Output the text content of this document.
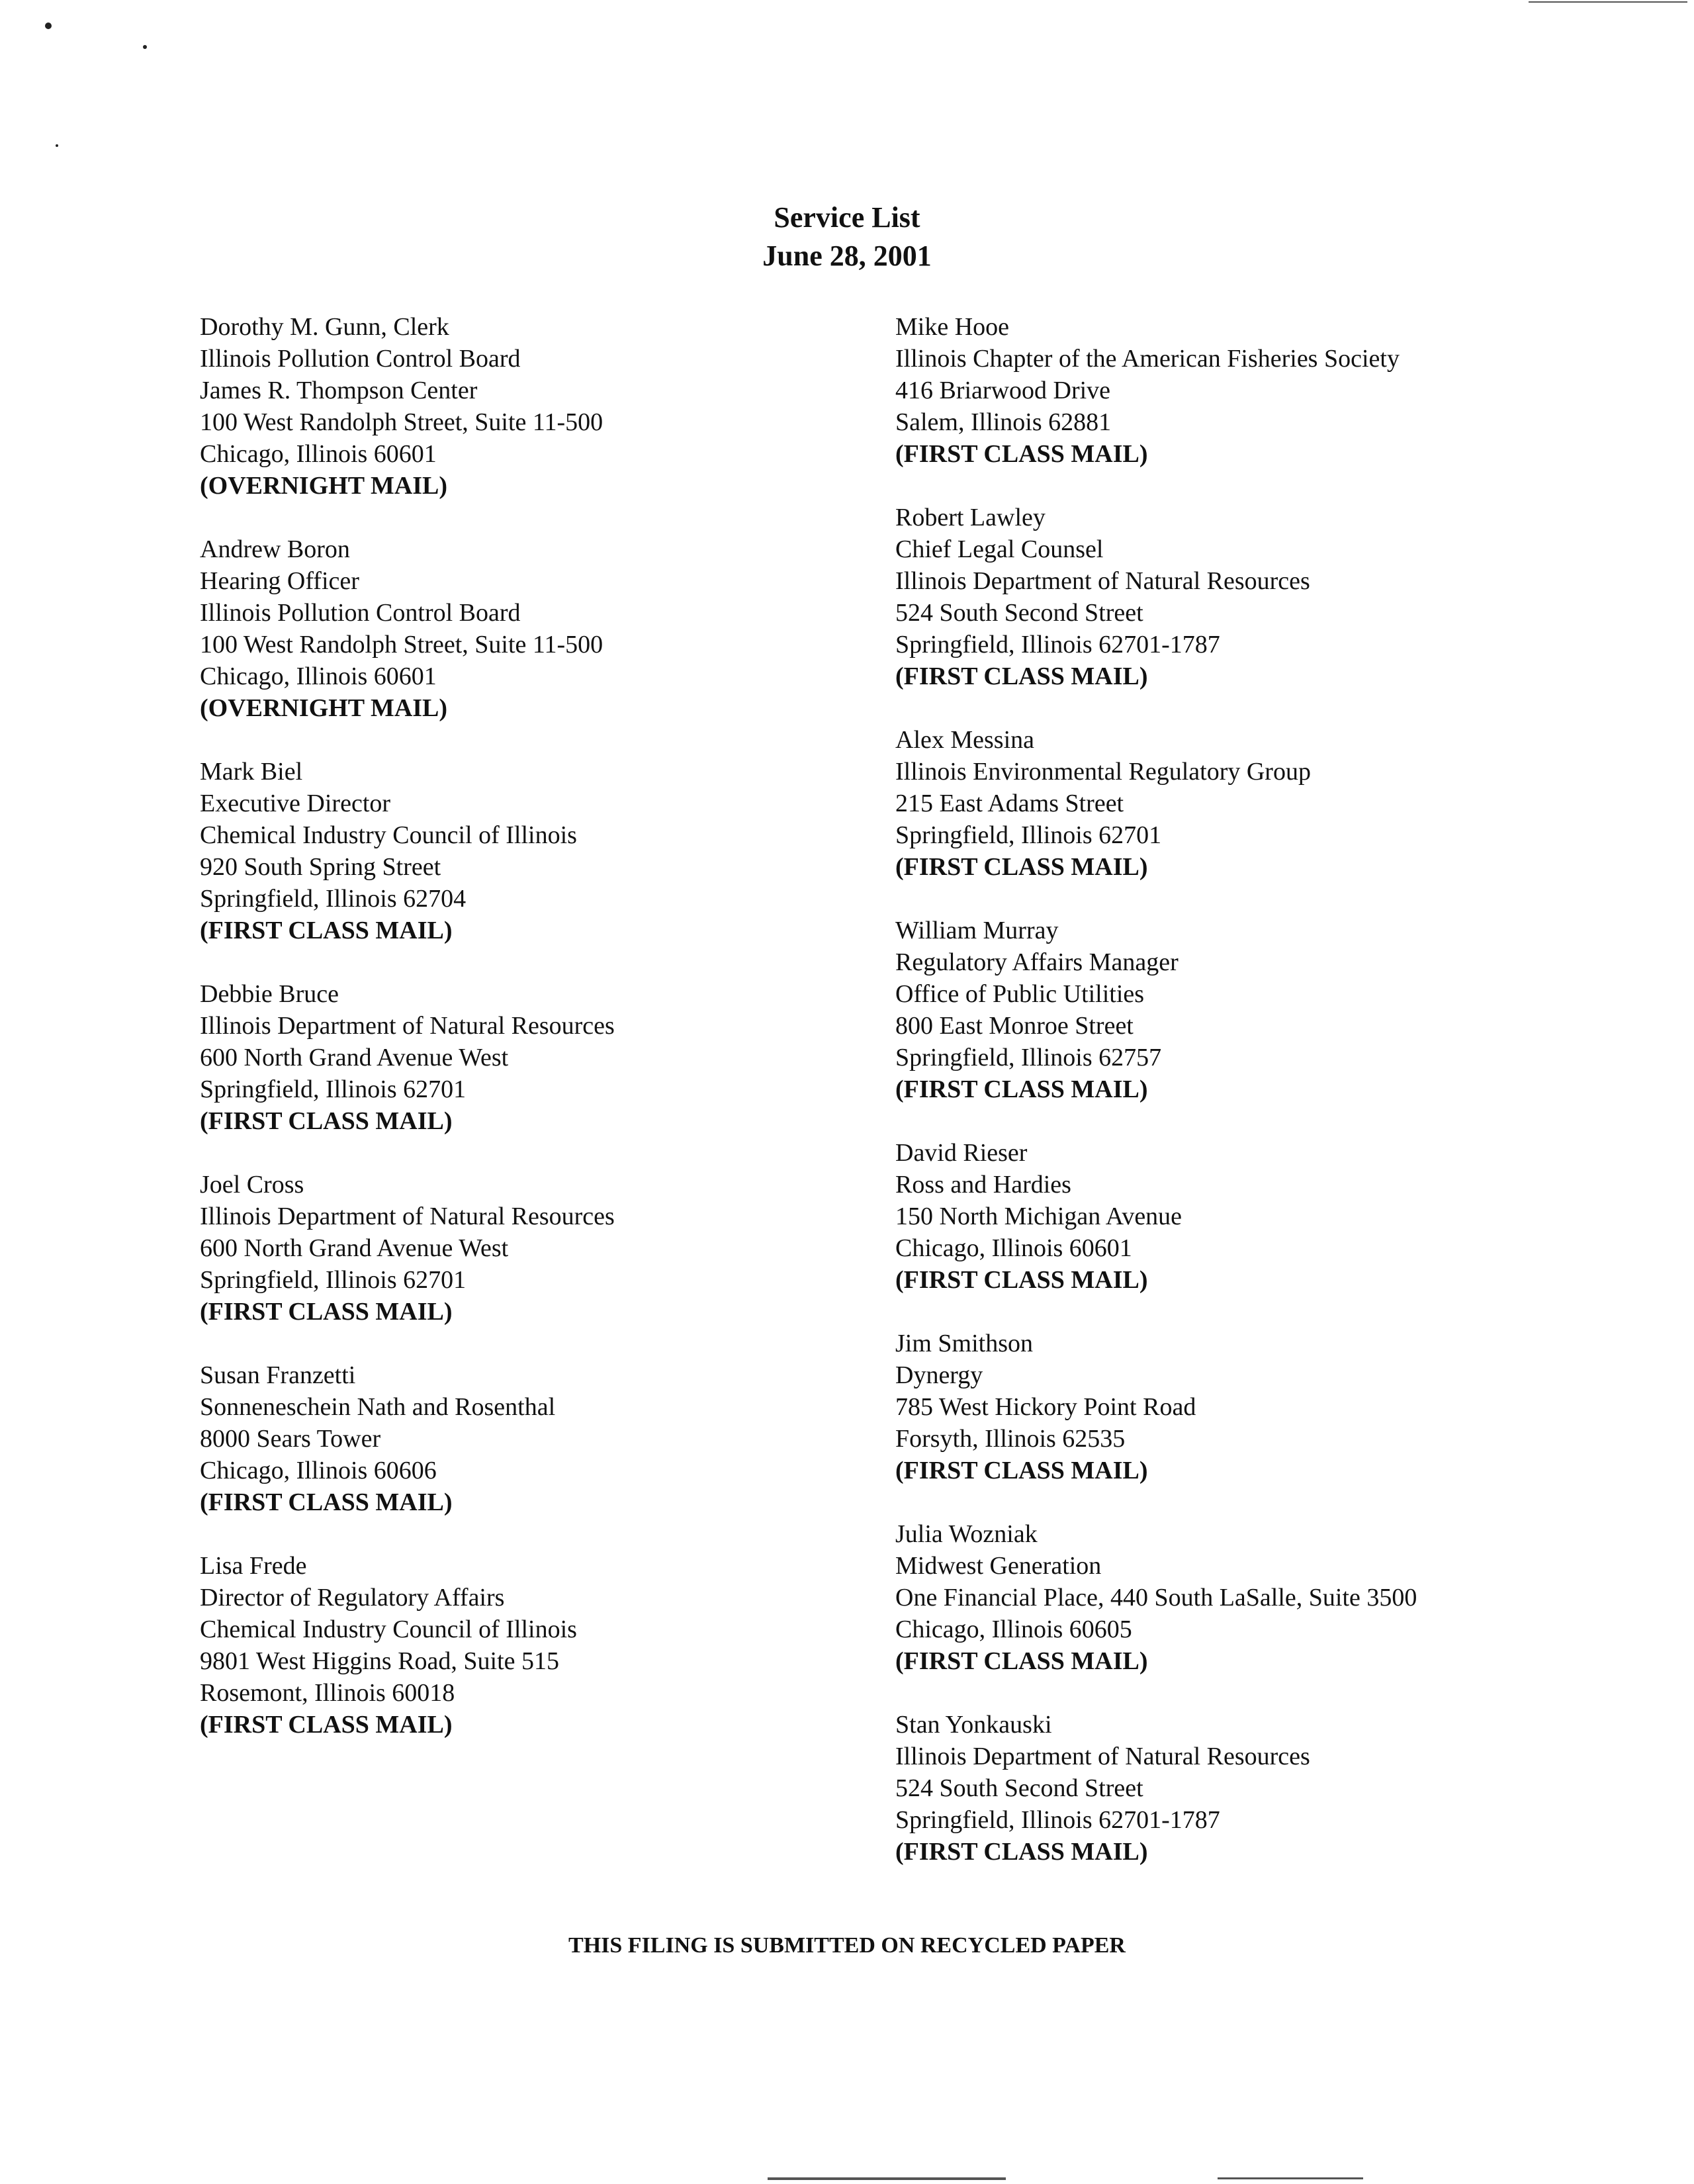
Service List
June 28, 2001
Dorothy M. Gunn, Clerk
Illinois Pollution Control Board
James R. Thompson Center
100 West Randolph Street, Suite 11-500
Chicago, Illinois 60601
(OVERNIGHT MAIL)
Andrew Boron
Hearing Officer
Illinois Pollution Control Board
100 West Randolph Street, Suite 11-500
Chicago, Illinois 60601
(OVERNIGHT MAIL)
Mark Biel
Executive Director
Chemical Industry Council of Illinois
920 South Spring Street
Springfield, Illinois 62704
(FIRST CLASS MAIL)
Debbie Bruce
Illinois Department of Natural Resources
600 North Grand Avenue West
Springfield, Illinois 62701
(FIRST CLASS MAIL)
Joel Cross
Illinois Department of Natural Resources
600 North Grand Avenue West
Springfield, Illinois 62701
(FIRST CLASS MAIL)
Susan Franzetti
Sonneneschein Nath and Rosenthal
8000 Sears Tower
Chicago, Illinois 60606
(FIRST CLASS MAIL)
Lisa Frede
Director of Regulatory Affairs
Chemical Industry Council of Illinois
9801 West Higgins Road, Suite 515
Rosemont, Illinois 60018
(FIRST CLASS MAIL)
Mike Hooe
Illinois Chapter of the American Fisheries Society
416 Briarwood Drive
Salem, Illinois 62881
(FIRST CLASS MAIL)
Robert Lawley
Chief Legal Counsel
Illinois Department of Natural Resources
524 South Second Street
Springfield, Illinois 62701-1787
(FIRST CLASS MAIL)
Alex Messina
Illinois Environmental Regulatory Group
215 East Adams Street
Springfield, Illinois 62701
(FIRST CLASS MAIL)
William Murray
Regulatory Affairs Manager
Office of Public Utilities
800 East Monroe Street
Springfield, Illinois 62757
(FIRST CLASS MAIL)
David Rieser
Ross and Hardies
150 North Michigan Avenue
Chicago, Illinois 60601
(FIRST CLASS MAIL)
Jim Smithson
Dynergy
785 West Hickory Point Road
Forsyth, Illinois 62535
(FIRST CLASS MAIL)
Julia Wozniak
Midwest Generation
One Financial Place, 440 South LaSalle, Suite 3500
Chicago, Illinois 60605
(FIRST CLASS MAIL)
Stan Yonkauski
Illinois Department of Natural Resources
524 South Second Street
Springfield, Illinois 62701-1787
(FIRST CLASS MAIL)
THIS FILING IS SUBMITTED ON RECYCLED PAPER
